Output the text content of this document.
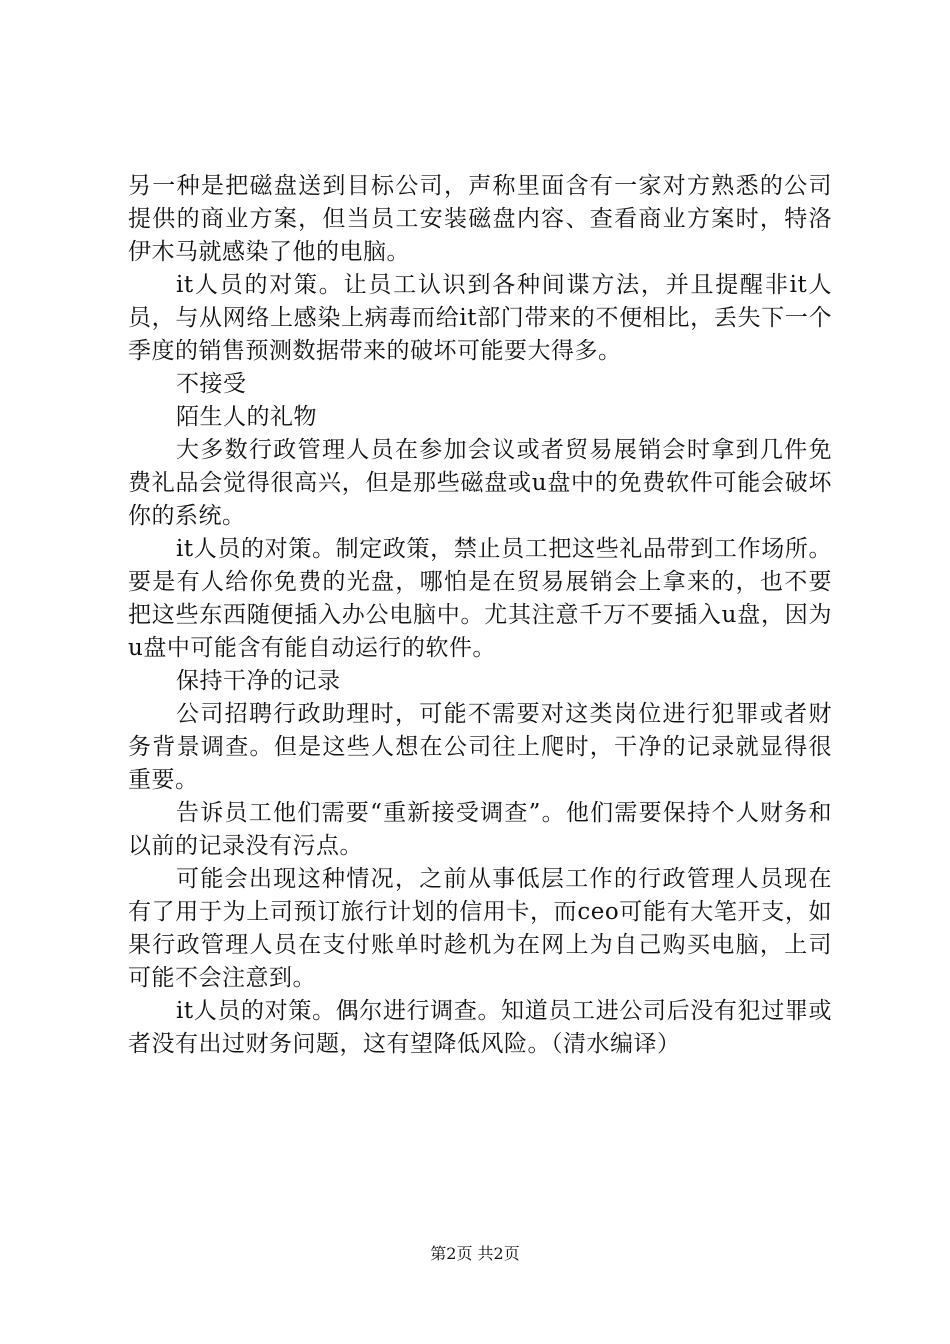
另一种是把磁盘送到目标公司，声称里面含有一家对方熟悉的公司提供的商业方案，但当员工安装磁盘内容、查看商业方案时，特洛伊木马就感染了他的电脑。

it人员的对策。让员工认识到各种间谍方法，并且提醒非it人员，与从网络上感染上病毒而给it部门带来的不便相比，丢失下一个季度的销售预测数据带来的破坏可能要大得多。

不接受

陌生人的礼物

大多数行政管理人员在参加会议或者贸易展销会时拿到几件免费礼品会觉得很高兴，但是那些磁盘或u盘中的免费软件可能会破坏你的系统。

it人员的对策。制定政策，禁止员工把这些礼品带到工作场所。要是有人给你免费的光盘，哪怕是在贸易展销会上拿来的，也不要把这些东西随便插入办公电脑中。尤其注意千万不要插入u盘，因为u盘中可能含有能自动运行的软件。

保持干净的记录

公司招聘行政助理时，可能不需要对这类岗位进行犯罪或者财务背景调查。但是这些人想在公司往上爬时，干净的记录就显得很重要。

告诉员工他们需要“重新接受调查”。他们需要保持个人财务和以前的记录没有污点。

可能会出现这种情况，之前从事低层工作的行政管理人员现在有了用于为上司预订旅行计划的信用卡，而ceo可能有大笔开支，如果行政管理人员在支付账单时趁机为在网上为自己购买电脑，上司可能不会注意到。

it人员的对策。偶尔进行调查。知道员工进公司后没有犯过罪或者没有出过财务问题，这有望降低风险。（清水编译）

第2页 共2页
